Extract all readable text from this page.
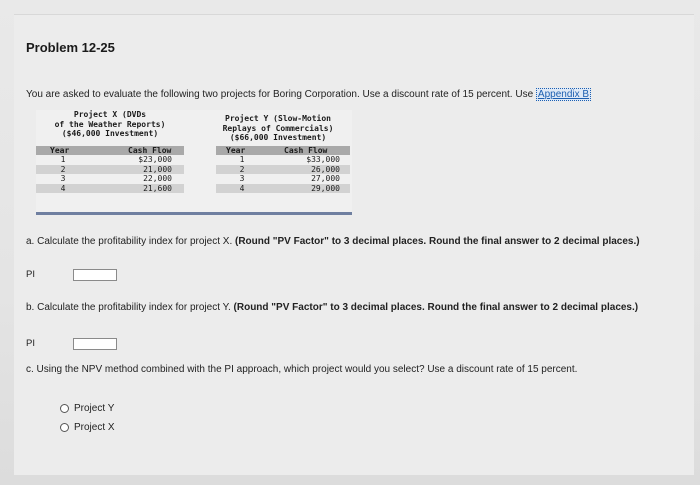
Problem 12-25
You are asked to evaluate the following two projects for Boring Corporation. Use a discount rate of 15 percent. Use Appendix B
Project X (DVDs
of the Weather Reports)
($46,000 Investment)
Project Y (Slow-Motion
Replays of Commercials)
($66,000 Investment)
Year	Cash Flow	Year	Cash Flow
1	$23,000
2	21,000
3	22,000
4	21,600
1	$33,000
2	26,000
3	27,000
4	29,000
a. Calculate the profitability index for project X. (Round "PV Factor" to 3 decimal places. Round the final answer to 2 decimal places.)
PI
b. Calculate the profitability index for project Y. (Round "PV Factor" to 3 decimal places. Round the final answer to 2 decimal places.)
PI
c. Using the NPV method combined with the PI approach, which project would you select? Use a discount rate of 15 percent.
Project Y
Project X
